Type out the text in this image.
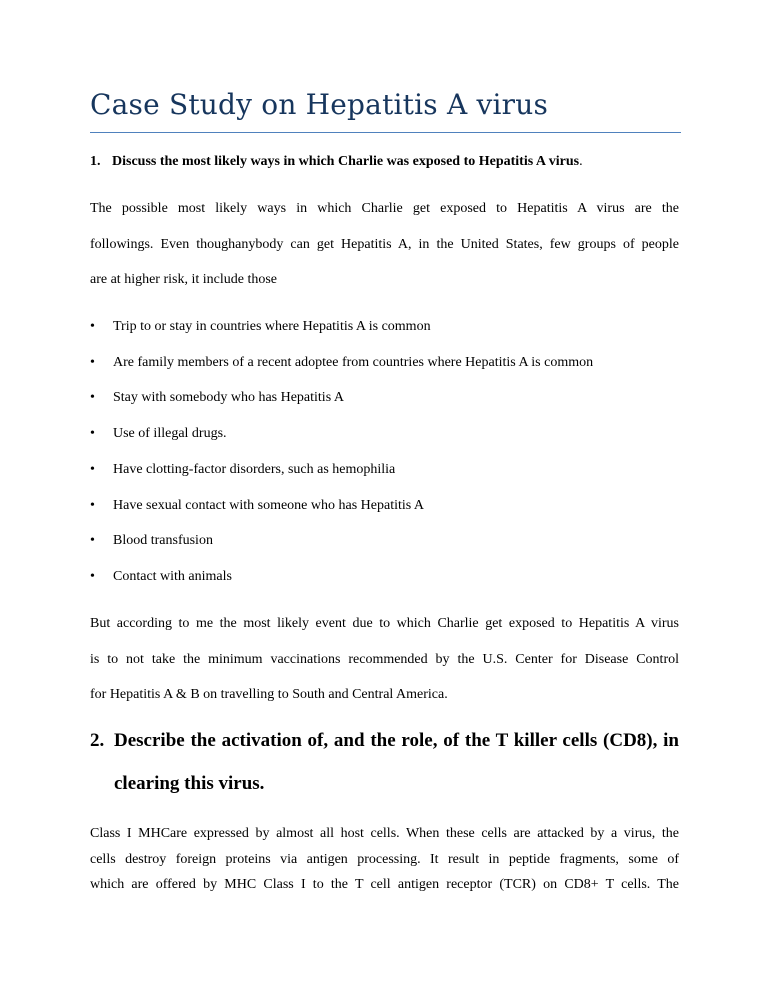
Case Study on Hepatitis A virus
1. Discuss the most likely ways in which Charlie was exposed to Hepatitis A virus.

The possible most likely ways in which Charlie get exposed to Hepatitis A virus are the

followings. Even thoughanybody can get Hepatitis A, in the United States, few groups of people

are at higher risk, it include those

•	Trip to or stay in countries where Hepatitis A is common
•	Are family members of a recent adoptee from countries where Hepatitis A is common
•	Stay with somebody who has Hepatitis A
•	Use of illegal drugs.
•	Have clotting-factor disorders, such as hemophilia
•	Have sexual contact with someone who has Hepatitis A
•	Blood transfusion
•	Contact with animals

But according to me the most likely event due to which Charlie get exposed to Hepatitis A virus

is to not take the minimum vaccinations recommended by the U.S. Center for Disease Control

for Hepatitis A & B on travelling to South and Central America.

2. Describe the activation of, and the role, of the T killer cells (CD8), in
clearing this virus.

Class I MHCare expressed by almost all host cells. When these cells are attacked by a virus, the

cells destroy foreign proteins via antigen processing. It result in peptide fragments, some of

which are offered by MHC Class I to the T cell antigen receptor (TCR) on CD8+ T cells. The
